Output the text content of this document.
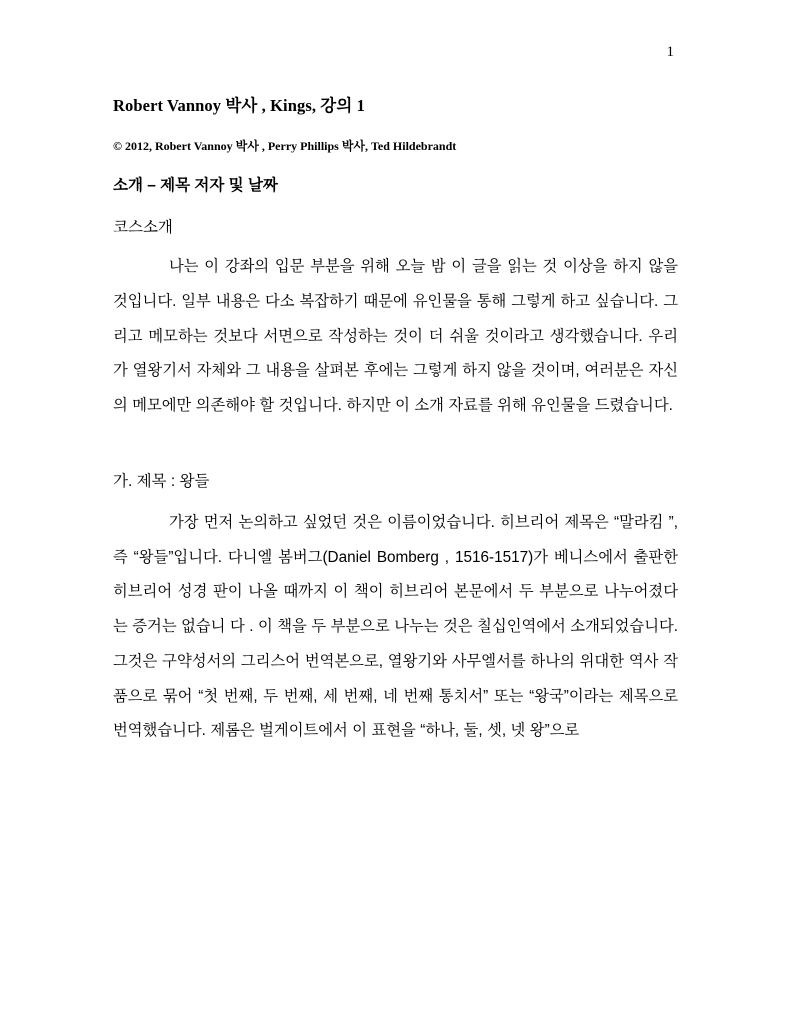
1
Robert Vannoy 박사 , Kings, 강의 1
© 2012, Robert Vannoy 박사 , Perry Phillips 박사, Ted Hildebrandt
소개 – 제목 저자 및 날짜
코스소개

나는 이 강좌의 입문 부분을 위해 오늘 밤 이 글을 읽는 것 이상을 하지 않을 것입니다. 일부 내용은 다소 복잡하기 때문에 유인물을 통해 그렇게 하고 싶습니다. 그리고 메모하는 것보다 서면으로 작성하는 것이 더 쉬울 것이라고 생각했습니다. 우리가 열왕기서 자체와 그 내용을 살펴본 후에는 그렇게 하지 않을 것이며, 여러분은 자신의 메모에만 의존해야 할 것입니다. 하지만 이 소개 자료를 위해 유인물을 드렸습니다.

가. 제목 : 왕들

가장 먼저 논의하고 싶었던 것은 이름이었습니다. 히브리어 제목은 “말라킴 ”, 즉 “왕들”입니다. 다니엘 봄버그(Daniel Bomberg , 1516-1517)가 베니스에서 출판한 히브리어 성경 판이 나올 때까지 이 책이 히브리어 본문에서 두 부분으로 나누어졌다는 증거는 없습니 다 . 이 책을 두 부분으로 나누는 것은 칠십인역에서 소개되었습니다. 그것은 구약성서의 그리스어 번역본으로, 열왕기와 사무엘서를 하나의 위대한 역사 작품으로 묶어 “첫 번째, 두 번째, 세 번째, 네 번째 통치서” 또는 “왕국”이라는 제목으로 번역했습니다. 제롬은 벌게이트에서 이 표현을 “하나, 둘, 셋, 넷 왕”으로
